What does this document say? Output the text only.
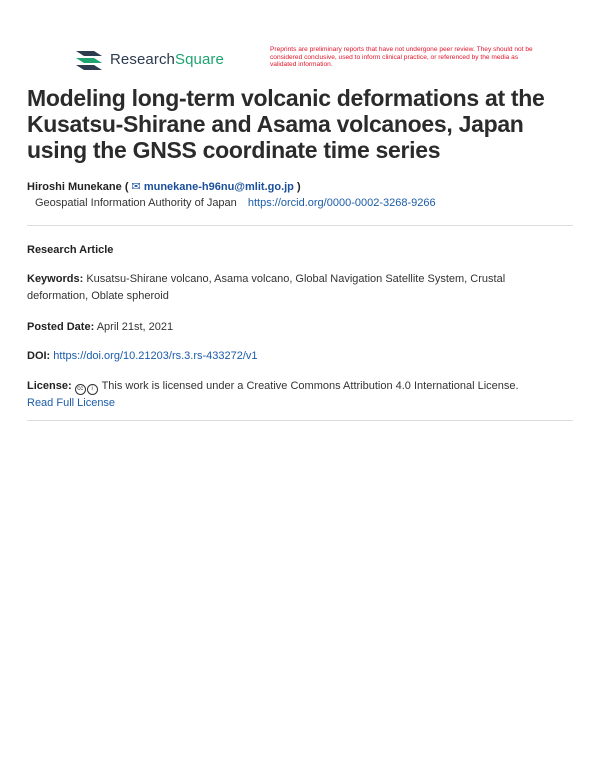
ResearchSquare
Preprints are preliminary reports that have not undergone peer review. They should not be considered conclusive, used to inform clinical practice, or referenced by the media as validated information.
Modeling long-term volcanic deformations at the Kusatsu-Shirane and Asama volcanoes, Japan using the GNSS coordinate time series
Hiroshi Munekane ( ✉ munekane-h96nu@mlit.go.jp )
Geospatial Information Authority of Japan https://orcid.org/0000-0002-3268-9266
Research Article
Keywords: Kusatsu-Shirane volcano, Asama volcano, Global Navigation Satellite System, Crustal deformation, Oblate spheroid
Posted Date: April 21st, 2021
DOI: https://doi.org/10.21203/rs.3.rs-433272/v1
License: cc i This work is licensed under a Creative Commons Attribution 4.0 International License.
Read Full License
